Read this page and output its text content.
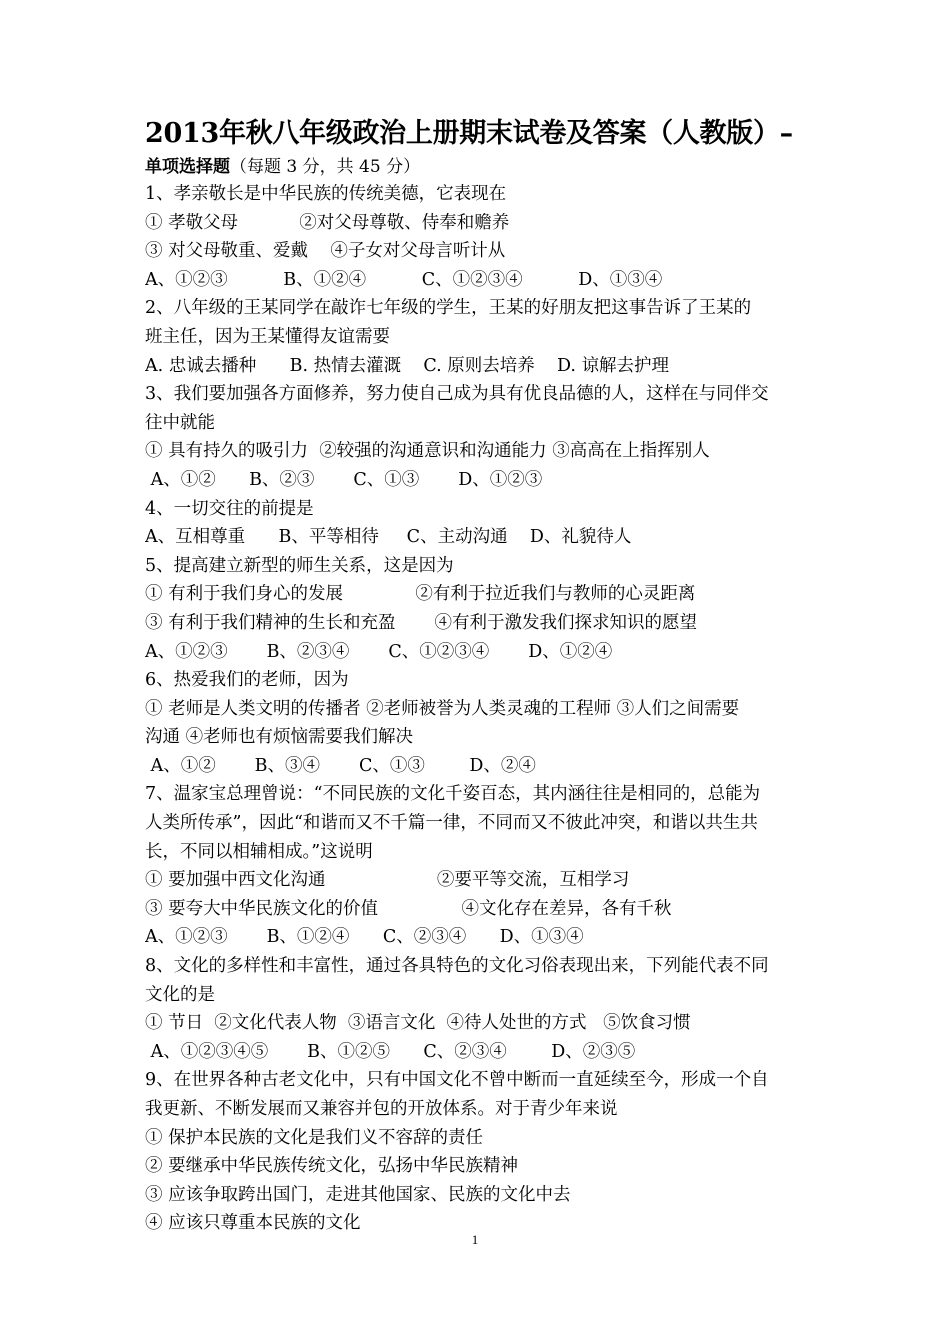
2013年秋八年级政治上册期末试卷及答案（人教版）–

单项选择题（每题 3 分，共 45 分）

1、孝亲敬长是中华民族的传统美德，它表现在

① 孝敬父母           ②对父母尊敬、侍奉和赡养

③ 对父母敬重、爱戴    ④子女对父母言听计从

A、①②③          B、①②④          C、①②③④          D、①③④

2、八年级的王某同学在敲诈七年级的学生，王某的好朋友把这事告诉了王某的

班主任，因为王某懂得友谊需要

A. 忠诚去播种      B. 热情去灌溉    C. 原则去培养    D. 谅解去护理

3、我们要加强各方面修养，努力使自己成为具有优良品德的人，这样在与同伴交

往中就能

① 具有持久的吸引力  ②较强的沟通意识和沟通能力 ③高高在上指挥别人

A、①②      B、②③       C、①③       D、①②③

4、一切交往的前提是

A、互相尊重      B、平等相待     C、主动沟通    D、礼貌待人

5、提高建立新型的师生关系，这是因为

① 有利于我们身心的发展             ②有利于拉近我们与教师的心灵距离

③ 有利于我们精神的生长和充盈       ④有利于激发我们探求知识的愿望

A、①②③       B、②③④       C、①②③④       D、①②④

6、热爱我们的老师，因为

① 老师是人类文明的传播者 ②老师被誉为人类灵魂的工程师 ③人们之间需要

沟通 ④老师也有烦恼需要我们解决

A、①②       B、③④       C、①③        D、②④

7、温家宝总理曾说：“不同民族的文化千姿百态，其内涵往往是相同的，总能为

人类所传承”，因此“和谐而又不千篇一律，不同而又不彼此冲突，和谐以共生共

长，不同以相辅相成。”这说明

① 要加强中西文化沟通                    ②要平等交流，互相学习

③ 要夸大中华民族文化的价值               ④文化存在差异，各有千秋

A、①②③       B、①②④      C、②③④      D、①③④

8、文化的多样性和丰富性，通过各具特色的文化习俗表现出来，下列能代表不同

文化的是

① 节日  ②文化代表人物  ③语言文化  ④待人处世的方式   ⑤饮食习惯

A、①②③④⑤       B、①②⑤      C、②③④        D、②③⑤

9、在世界各种古老文化中，只有中国文化不曾中断而一直延续至今，形成一个自

我更新、不断发展而又兼容并包的开放体系。对于青少年来说

① 保护本民族的文化是我们义不容辞的责任

② 要继承中华民族传统文化，弘扬中华民族精神

③ 应该争取跨出国门，走进其他国家、民族的文化中去

④ 应该只尊重本民族的文化

1
